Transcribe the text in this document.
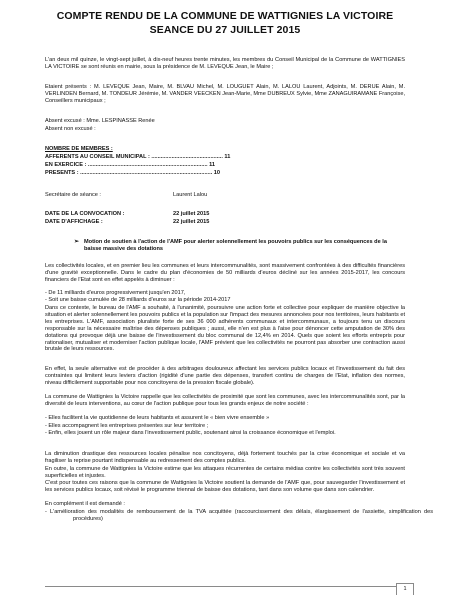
COMPTE RENDU DE LA COMMUNE DE WATTIGNIES LA VICTOIRE
SEANCE DU 27 JUILLET 2015
L'an deux mil quinze, le vingt-sept juillet, à dix-neuf heures trente minutes, les membres du Conseil Municipal de la Commune de WATTIGNIES LA VICTOIRE se sont réunis en mairie, sous la présidence de M. LEVEQUE Jean, le Maire ;
Etaient présents : M. LEVEQUE Jean, Maire, M. BLVAU Michel, M. LOUGUET Alain, M. LALOU Laurent, Adjoints, M. DERUE Alain, M. VERLINDEN Bernard, M. TONDEUR Jérémie, M. VANDER VEECKEN Jean-Marie, Mme DUBREUX Sylvie, Mme ZANAGUIRAMANE Françoise, Conseillers municipaux ;
Absent excusé : Mme. LESPINASSE Renée
Absent non excusé :
NOMBRE DE MEMBRES :
AFFERENTS AU CONSEIL MUNICIPAL : .............................................. 11
EN EXERCICE : ............................................................................. 11
PRESENTS : ..................................................................................... 10
Secrétaire de séance :	Laurent Lalou
DATE DE LA CONVOCATION :	22 juillet 2015
DATE D'AFFICHAGE :	22 juillet 2015
➢ Motion de soutien à l'action de l'AMF pour alerter solennellement les pouvoirs publics sur les conséquences de la baisse massive des dotations
Les collectivités locales, et en premier lieu les communes et leurs intercommunalités, sont massivement confrontées à des difficultés financières d'une gravité exceptionnelle. Dans le cadre du plan d'économies de 50 milliards d'euros décliné sur les années 2015-2017, les concours financiers de l'Etat sont en effet appelés à diminuer :
- De 11 milliards d'euros progressivement jusqu'en 2017,
- Soit une baisse cumulée de 28 milliards d'euros sur la période 2014-2017
Dans ce contexte, le bureau de l'AMF a souhaité, à l'unanimité, poursuivre une action forte et collective pour expliquer de manière objective la situation et alerter solennellement les pouvoirs publics et la population sur l'impact des mesures annoncées pour nos territoires, leurs habitants et les entreprises. L'AMF, association pluraliste forte de ses 36 000 adhérents communaux et intercommunaux, a toujours tenu un discours responsable sur la nécessaire maîtrise des dépenses publiques ; aussi, elle n'en est plus à l'aise pour dénoncer cette amputation de 30% des dotations qui provoque déjà une baisse de l'investissement du bloc communal de 12,4% en 2014. Quels que soient les efforts entrepris pour rationaliser, mutualiser et moderniser l'action publique locale, l'AMF prévient que les collectivités ne pourront pas absorber une contraction aussi brutale de leurs ressources.
En effet, la seule alternative est de procéder à des arbitrages douloureux affectant les services publics locaux et l'investissement du fait des contraintes qui limitent leurs leviers d'action (rigidité d'une partie des dépenses, transfert continu de charges de l'Etat, inflation des normes, niveau difficilement supportable pour nos concitoyens de la pression fiscale globale).
La commune de Wattignies la Victoire rappelle que les collectivités de proximité que sont les communes, avec les intercommunalités sont, par la diversité de leurs interventions, au cœur de l'action publique pour tous les grands enjeux de notre société :
- Elles facilitent la vie quotidienne de leurs habitants et assurent le « bien vivre ensemble »
- Elles accompagnent les entreprises présentes sur leur territoire ;
- Enfin, elles jouent un rôle majeur dans l'investissement public, soutenant ainsi la croissance économique et l'emploi.
La diminution drastique des ressources locales pénalise nos concitoyens, déjà fortement touchés par la crise économique et sociale et va fragiliser la reprise pourtant indispensable au redressement des comptes publics.
En outre, la commune de Wattignies la Victoire estime que les attaques récurrentes de certains médias contre les collectivités sont très souvent superficielles et injustes.
C'est pour toutes ces raisons que la commune de Wattignies la Victoire soutient la demande de l'AMF que, pour sauvegarder l'investissement et les services publics locaux, soit révisé le programme triennal de baisse des dotations, tant dans son volume que dans son calendrier.
En complément il est demandé :
- L'amélioration des modalités de remboursement de la TVA acquittée (raccourcissement des délais, élargissement de l'assiette, simplification des procédures)
1
